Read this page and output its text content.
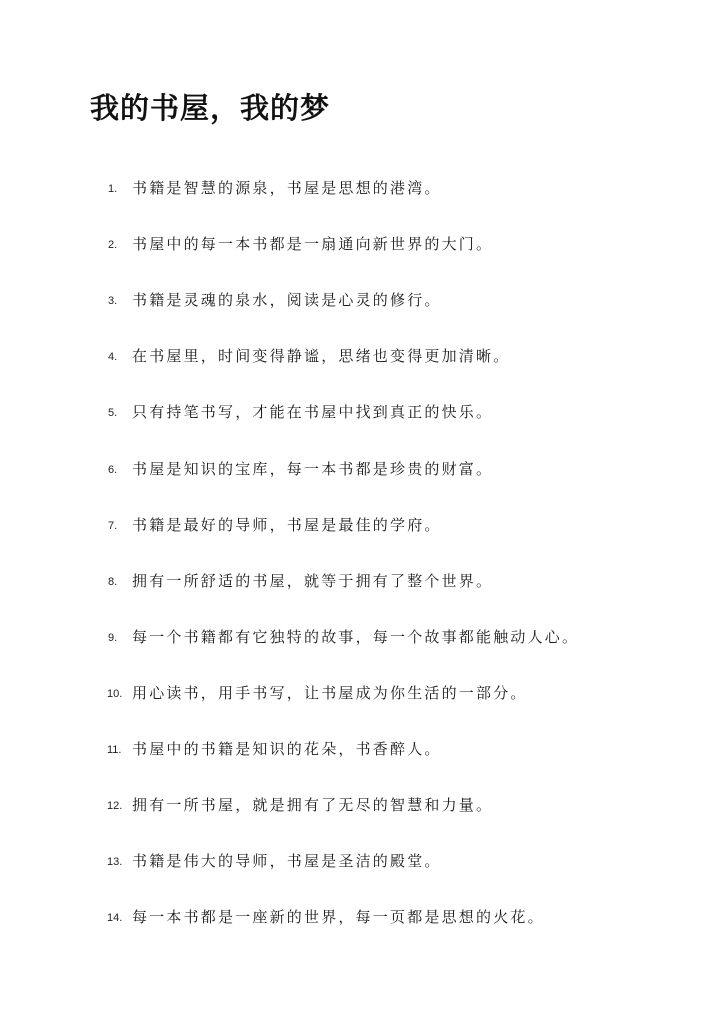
我的书屋，我的梦
1. 书籍是智慧的源泉，书屋是思想的港湾。
2. 书屋中的每一本书都是一扇通向新世界的大门。
3. 书籍是灵魂的泉水，阅读是心灵的修行。
4. 在书屋里，时间变得静谧，思绪也变得更加清晰。
5. 只有持笔书写，才能在书屋中找到真正的快乐。
6. 书屋是知识的宝库，每一本书都是珍贵的财富。
7. 书籍是最好的导师，书屋是最佳的学府。
8. 拥有一所舒适的书屋，就等于拥有了整个世界。
9. 每一个书籍都有它独特的故事，每一个故事都能触动人心。
10. 用心读书，用手书写，让书屋成为你生活的一部分。
11. 书屋中的书籍是知识的花朵，书香醉人。
12. 拥有一所书屋，就是拥有了无尽的智慧和力量。
13. 书籍是伟大的导师，书屋是圣洁的殿堂。
14. 每一本书都是一座新的世界，每一页都是思想的火花。
